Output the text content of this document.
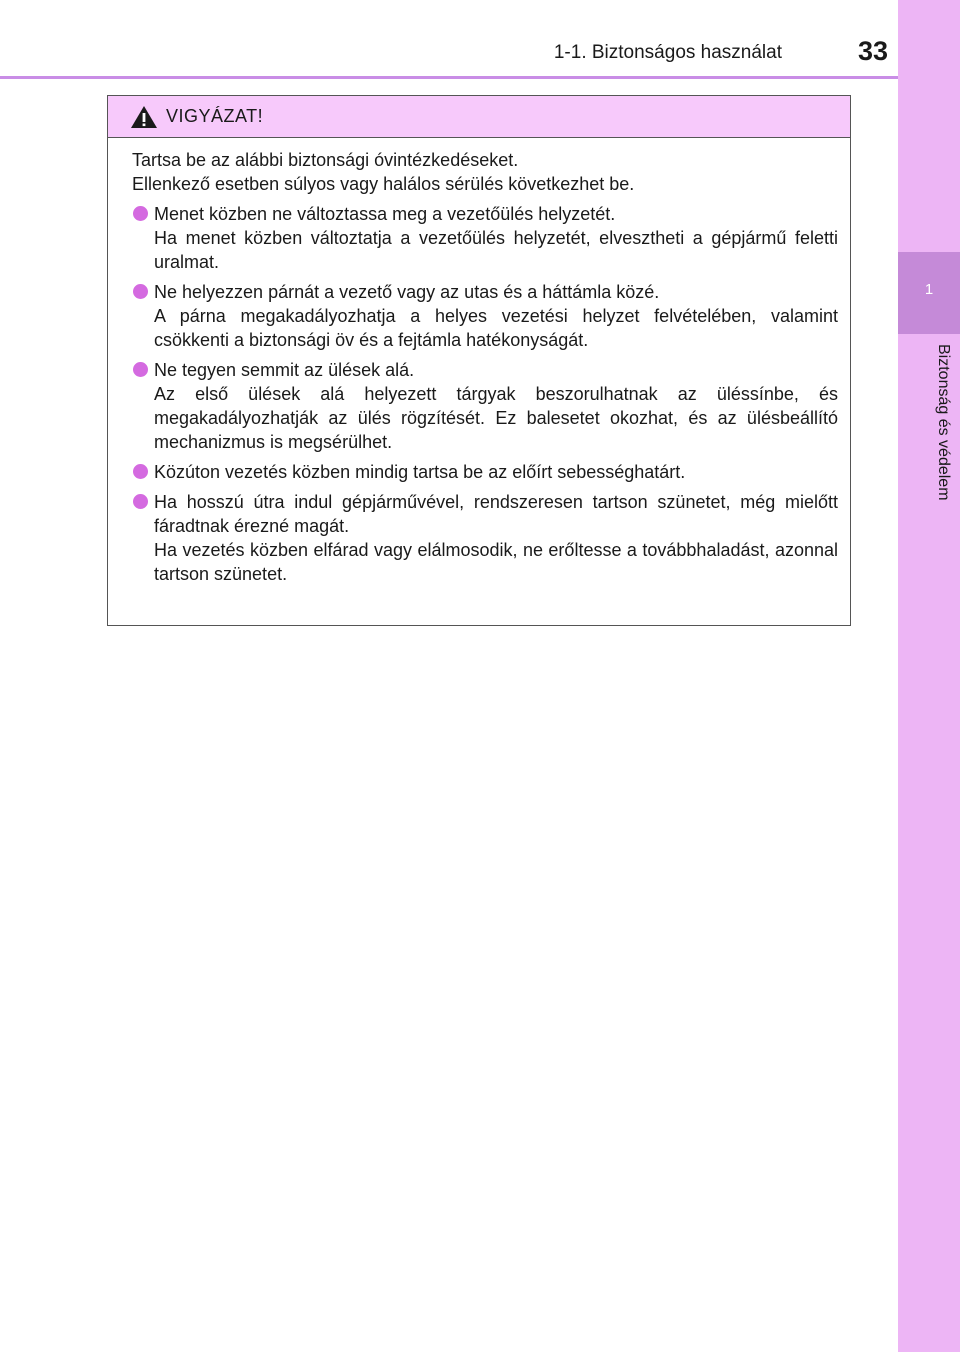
1-1. Biztonságos használat	33
1
Biztonság és védelem
VIGYÁZAT!
Tartsa be az alábbi biztonsági óvintézkedéseket.
Ellenkező esetben súlyos vagy halálos sérülés következhet be.

Menet közben ne változtassa meg a vezetőülés helyzetét.

Ha menet közben változtatja a vezetőülés helyzetét, elvesztheti a gépjármű feletti uralmat.

Ne helyezzen párnát a vezető vagy az utas és a háttámla közé.

A párna megakadályozhatja a helyes vezetési helyzet felvételében, valamint csökkenti a biztonsági öv és a fejtámla hatékonyságát.

Ne tegyen semmit az ülések alá.

Az első ülések alá helyezett tárgyak beszorulhatnak az üléssínbe, és megakadályozhatják az ülés rögzítését. Ez balesetet okozhat, és az ülésbeállító mechanizmus is megsérülhet.

Közúton vezetés közben mindig tartsa be az előírt sebességhatárt.

Ha hosszú útra indul gépjárművével, rendszeresen tartson szünetet, még mielőtt fáradtnak érezné magát.

Ha vezetés közben elfárad vagy elálmosodik, ne erőltesse a továbbhaladást, azonnal tartson szünetet.
